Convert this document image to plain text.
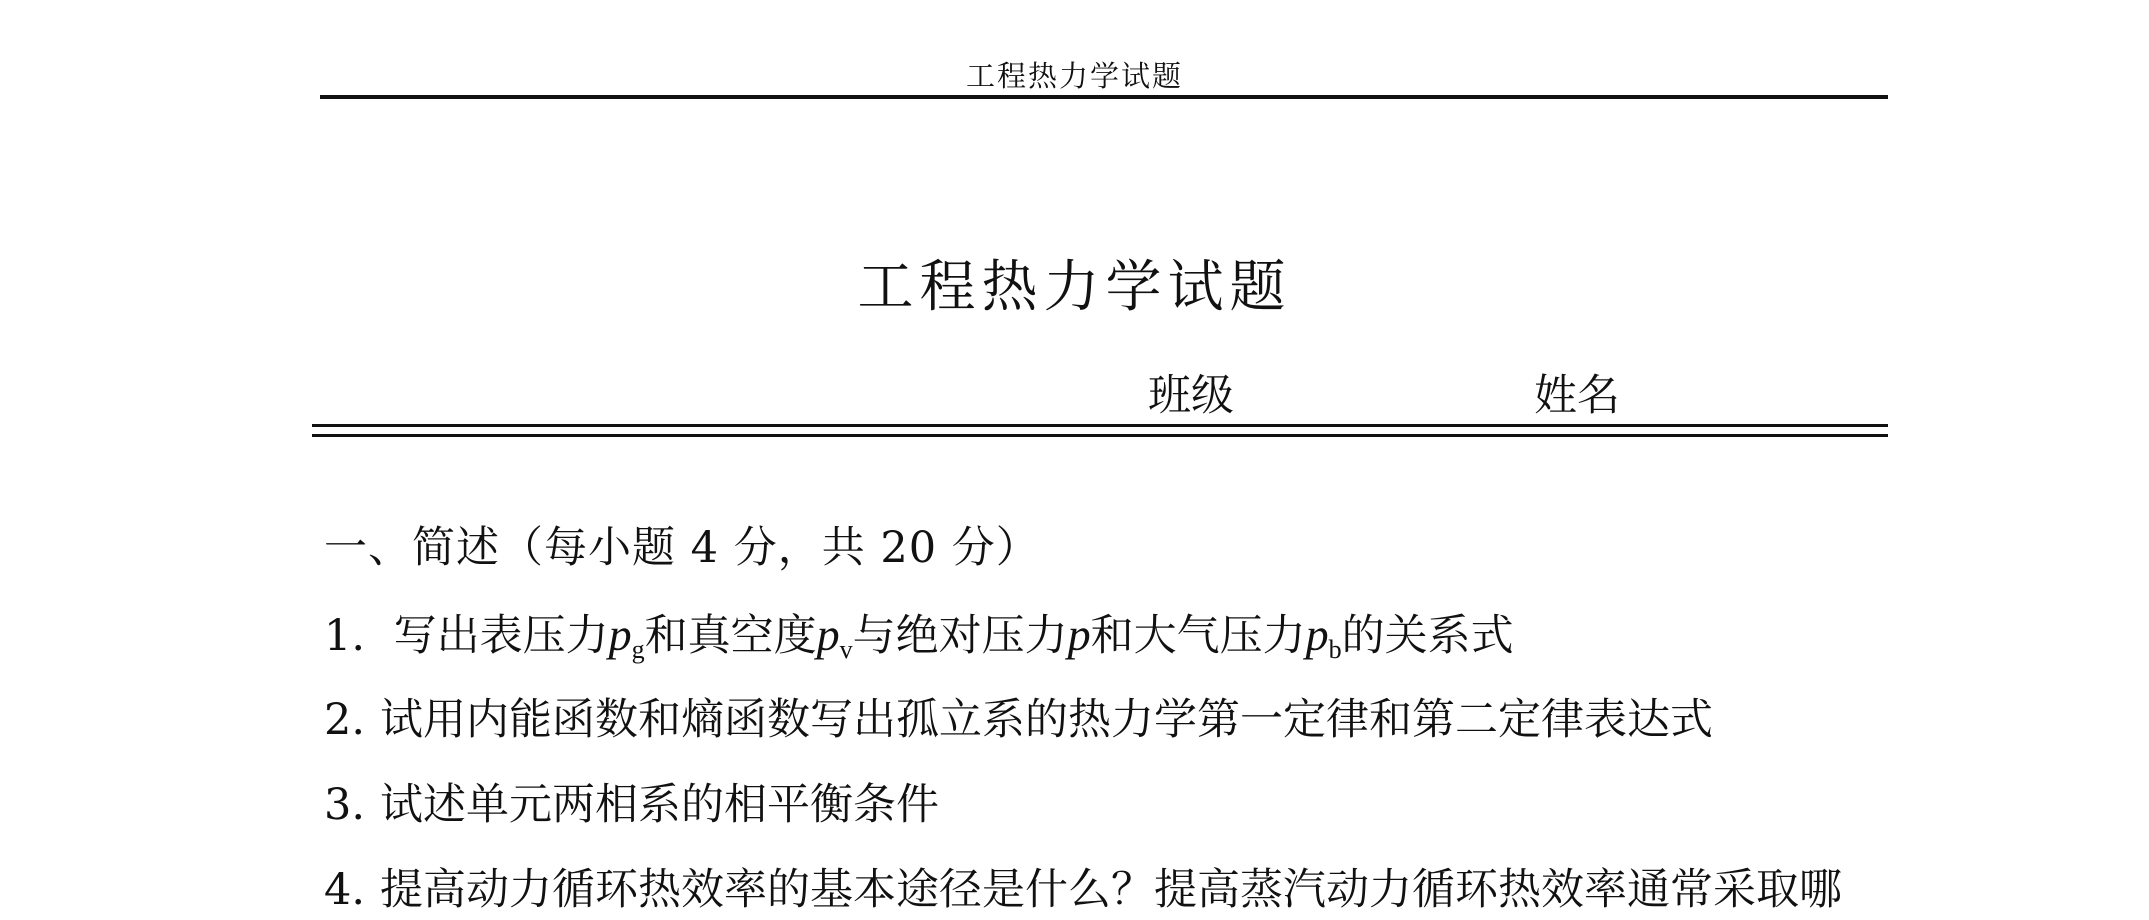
工程热力学试题
工程热力学试题
班级	姓名
一、简述（每小题 4 分，共 20 分）
1. 写出表压力$p_g$和真空度$p_v$与绝对压力p和大气压力$p_b$的关系式
2. 试用内能函数和熵函数写出孤立系的热力学第一定律和第二定律表达式
3. 试述单元两相系的相平衡条件
4. 提高动力循环热效率的基本途径是什么？提高蒸汽动力循环热效率通常采取哪
